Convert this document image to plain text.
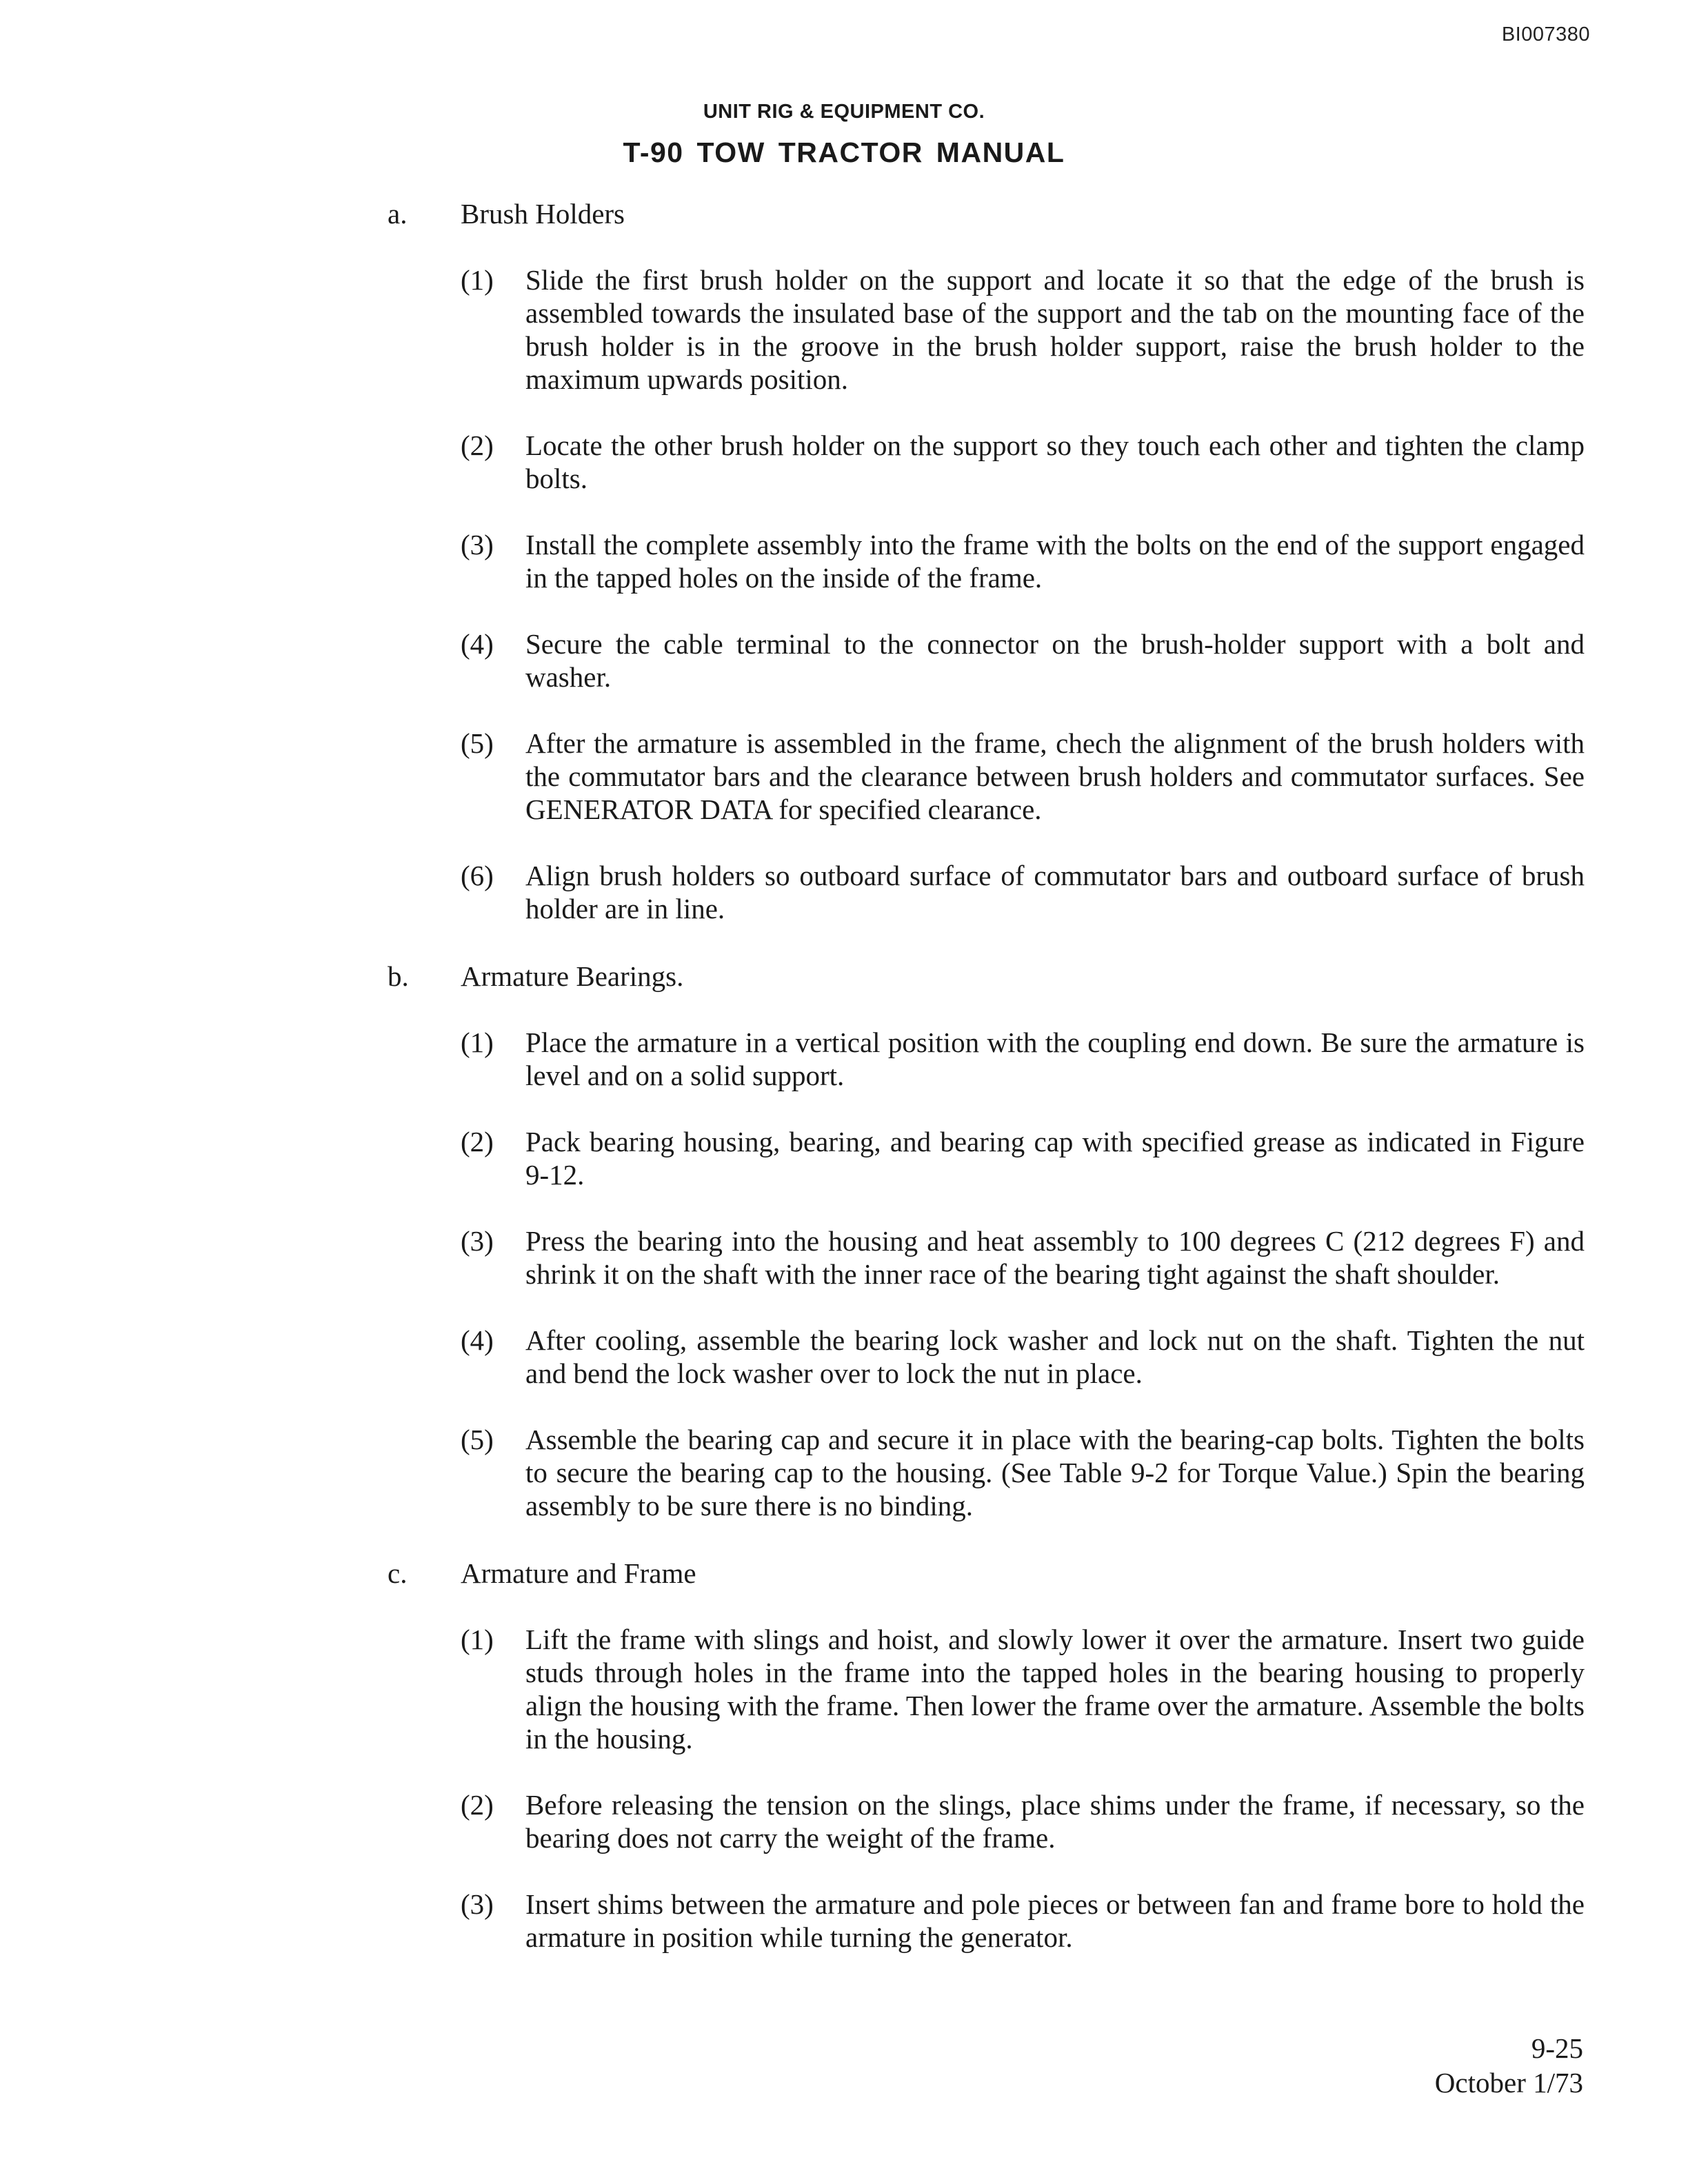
BI007380
UNIT RIG & EQUIPMENT CO.
T-90 TOW TRACTOR MANUAL
a. Brush Holders
(1) Slide the first brush holder on the support and locate it so that the edge of the brush is assembled towards the insulated base of the support and the tab on the mounting face of the brush holder is in the groove in the brush holder support, raise the brush holder to the maximum upwards position.
(2) Locate the other brush holder on the support so they touch each other and tighten the clamp bolts.
(3) Install the complete assembly into the frame with the bolts on the end of the support engaged in the tapped holes on the inside of the frame.
(4) Secure the cable terminal to the connector on the brush-holder support with a bolt and washer.
(5) After the armature is assembled in the frame, chech the alignment of the brush holders with the commutator bars and the clearance between brush holders and commutator surfaces. See GENERATOR DATA for specified clearance.
(6) Align brush holders so outboard surface of commutator bars and outboard surface of brush holder are in line.
b. Armature Bearings.
(1) Place the armature in a vertical position with the coupling end down. Be sure the armature is level and on a solid support.
(2) Pack bearing housing, bearing, and bearing cap with specified grease as indicated in Figure 9-12.
(3) Press the bearing into the housing and heat assembly to 100 degrees C (212 degrees F) and shrink it on the shaft with the inner race of the bearing tight against the shaft shoulder.
(4) After cooling, assemble the bearing lock washer and lock nut on the shaft. Tighten the nut and bend the lock washer over to lock the nut in place.
(5) Assemble the bearing cap and secure it in place with the bearing-cap bolts. Tighten the bolts to secure the bearing cap to the housing. (See Table 9-2 for Torque Value.) Spin the bearing assembly to be sure there is no binding.
c. Armature and Frame
(1) Lift the frame with slings and hoist, and slowly lower it over the armature. Insert two guide studs through holes in the frame into the tapped holes in the bearing housing to properly align the housing with the frame. Then lower the frame over the armature. Assemble the bolts in the housing.
(2) Before releasing the tension on the slings, place shims under the frame, if necessary, so the bearing does not carry the weight of the frame.
(3) Insert shims between the armature and pole pieces or between fan and frame bore to hold the armature in position while turning the generator.
9-25
October 1/73
